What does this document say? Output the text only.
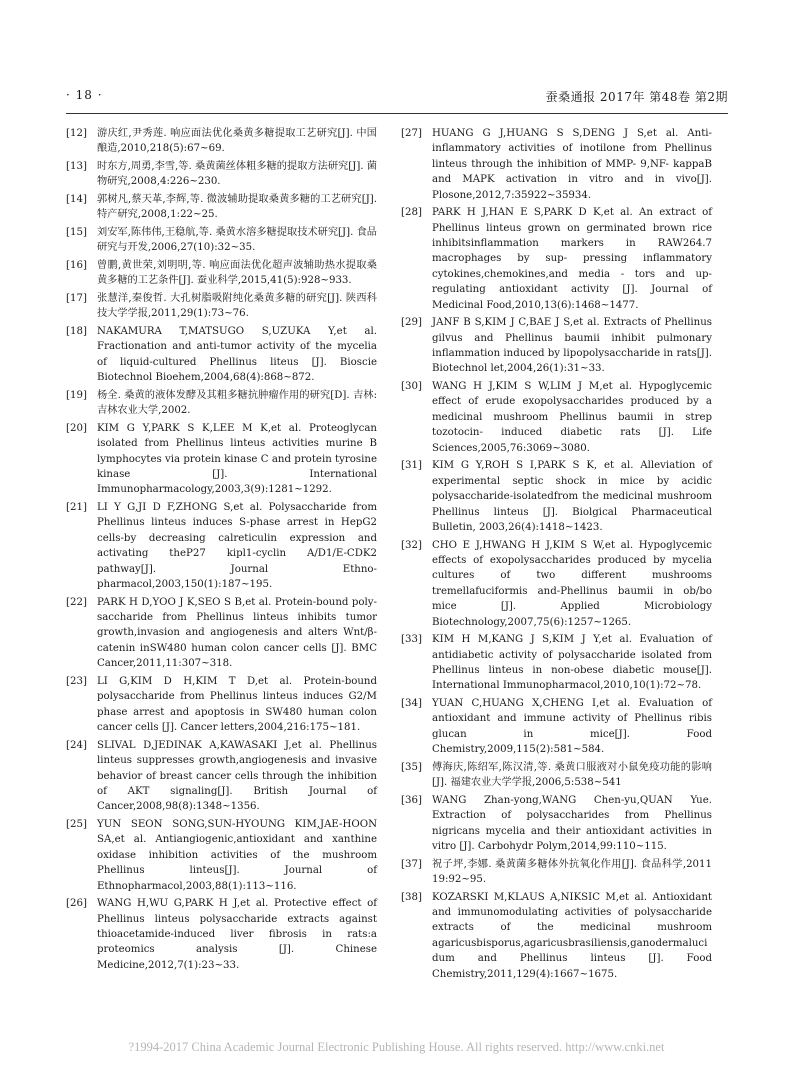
· 18 ·	蚕桑通报 2017年 第48卷 第2期
[12] 游庆红,尹秀莲. 响应面法优化桑黄多糖提取工艺研究[J]. 中国酿造,2010,218(5):67~69.
[13] 时东方,周勇,李雪,等. 桑黄菌丝体粗多糖的提取方法研究[J]. 菌物研究,2008,4:226~230.
[14] 郭树凡,蔡天革,李辉,等. 微波辅助提取桑黄多糖的工艺研究[J]. 特产研究,2008,1:22~25.
[15] 刘安军,陈伟伟,王稳航,等. 桑黄水溶多糖提取技术研究[J]. 食品研究与开发,2006,27(10):32~35.
[16] 曾鹏,黄世荣,刘明明,等. 响应面法优化超声波辅助热水提取桑黄多糖的工艺条件[J]. 蚕业科学,2015,41(5):928~933.
[17] 张慧洋,秦俊哲. 大孔树脂吸附纯化桑黄多糖的研究[J]. 陕西科技大学学报,2011,29(1):73~76.
[18] NAKAMURA T,MATSUGO S,UZUKA Y,et al. Fractionation and anti-tumor activity of the mycelia of liquid-cultured Phellinus liteus [J]. Bioscie Biotechnol Bioehem,2004,68(4):868~872.
[19] 杨全. 桑黄的液体发酵及其粗多糖抗肿瘤作用的研究[D]. 吉林:吉林农业大学,2002.
[20] KIM G Y,PARK S K,LEE M K,et al. Proteoglycan isolated from Phellinus linteus activities murine B lymphocytes via protein kinase C and protein tyrosine kinase [J]. International Immunopharmacology,2003,3(9):1281~1292.
[21] LI Y G,JI D F,ZHONG S,et al. Polysaccharide from Phellinus linteus induces S-phase arrest in HepG2 cells-by decreasing calreticulin expression and activating theP27 kipl1-cyclin A/D1/E-CDK2 pathway[J]. Journal Ethno-pharmacol,2003,150(1):187~195.
[22] PARK H D,YOO J K,SEO S B,et al. Protein-bound poly- saccharide from Phellinus linteus inhibits tumor growth,invasion and angiogenesis and alters Wnt/β-catenin inSW480 human colon cancer cells [J]. BMC Cancer,2011,11:307~318.
[23] LI G,KIM D H,KIM T D,et al. Protein-bound polysaccharide from Phellinus linteus induces G2/M phase arrest and apoptosis in SW480 human colon cancer cells [J]. Cancer letters,2004,216:175~181.
[24] SLIVAL D,JEDINAK A,KAWASAKI J,et al. Phellinus linteus suppresses growth,angiogenesis and invasive behavior of breast cancer cells through the inhibition of AKT signaling[J]. British Journal of Cancer,2008,98(8):1348~1356.
[25] YUN SEON SONG,SUN-HYOUNG KIM,JAE-HOON SA,et al. Antiangiogenic,antioxidant and xanthine oxidase inhibition activities of the mushroom Phellinus linteus[J]. Journal of Ethnopharmacol,2003,88(1):113~116.
[26] WANG H,WU G,PARK H J,et al. Protective effect of Phellinus linteus polysaccharide extracts against thioacetamide-induced liver fibrosis in rats:a proteomics analysis [J]. Chinese Medicine,2012,7(1):23~33.
[27] HUANG G J,HUANG S S,DENG J S,et al. Anti-inflammatory activities of inotilone from Phellinus linteus through the inhibition of MMP- 9,NF- kappaB and MAPK activation in vitro and in vivo[J]. Plosone,2012,7:35922~35934.
[28] PARK H J,HAN E S,PARK D K,et al. An extract of Phellinus linteus grown on germinated brown rice inhibitsinflammation markers in RAW264.7 macrophages by sup- pressing inflammatory cytokines,chemokines,and media - tors and up- regulating antioxidant activity [J]. Journal of Medicinal Food,2010,13(6):1468~1477.
[29] JANF B S,KIM J C,BAE J S,et al. Extracts of Phellinus gilvus and Phellinus baumii inhibit pulmonary inflammation induced by lipopolysaccharide in rats[J]. Biotechnol let,2004,26(1):31~33.
[30] WANG H J,KIM S W,LIM J M,et al. Hypoglycemic effect of erude exopolysaccharides produced by a medicinal mushroom Phellinus baumii in strep tozotocin- induced diabetic rats [J]. Life Sciences,2005,76:3069~3080.
[31] KIM G Y,ROH S I,PARK S K, et al. Alleviation of experimental septic shock in mice by acidic polysaccharide-isolatedfrom the medicinal mushroom Phellinus linteus [J]. Biolgical Pharmaceutical Bulletin, 2003,26(4):1418~1423.
[32] CHO E J,HWANG H J,KIM S W,et al. Hypoglycemic effects of exopolysaccharides produced by mycelia cultures of two different mushrooms tremellafuciformis and-Phellinus baumii in ob/bo mice [J]. Applied Microbiology Biotechnology,2007,75(6):1257~1265.
[33] KIM H M,KANG J S,KIM J Y,et al. Evaluation of antidiabetic activity of polysaccharide isolated from Phellinus linteus in non-obese diabetic mouse[J]. International Immunopharmacol,2010,10(1):72~78.
[34] YUAN C,HUANG X,CHENG I,et al. Evaluation of antioxidant and immune activity of Phellinus ribis glucan in mice[J]. Food Chemistry,2009,115(2):581~584.
[35] 傅海庆,陈绍军,陈汉清,等. 桑黄口服液对小鼠免疫功能的影响[J]. 福建农业大学学报,2006,5:538~541
[36] WANG Zhan-yong,WANG Chen-yu,QUAN Yue. Extraction of polysaccharides from Phellinus nigricans mycelia and their antioxidant activities in vitro [J]. Carbohydr Polym,2014,99:110~115.
[37] 祝子坪,李娜. 桑黄菌多糖体外抗氧化作用[J]. 食品科学,2011 19:92~95.
[38] KOZARSKI M,KLAUS A,NIKSIC M,et al. Antioxidant and immunomodulating activities of polysaccharide extracts of the medicinal mushroom agaricusbisporus,agaricusbrasiliensis,ganodermalucidum and Phellinus linteus [J]. Food Chemistry,2011,129(4):1667~1675.
?1994-2017 China Academic Journal Electronic Publishing House. All rights reserved. http://www.cnki.net
